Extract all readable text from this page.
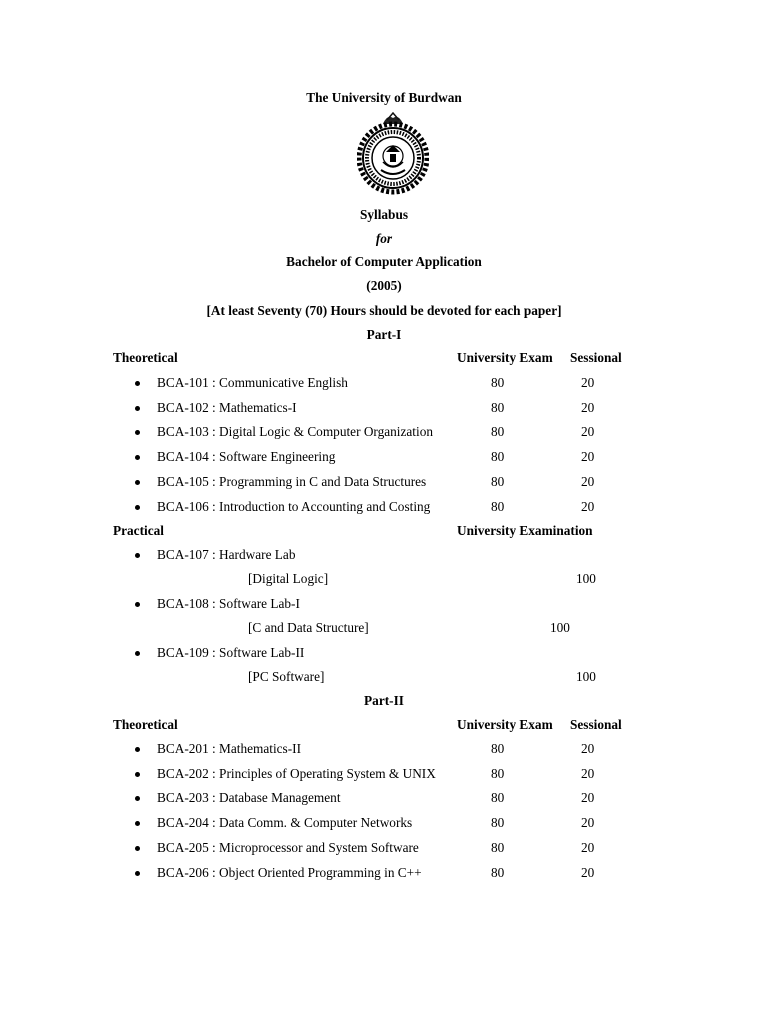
The University of Burdwan
Syllabus
for
Bachelor of Computer Application
(2005)
[At least Seventy (70) Hours should be devoted for each paper]
Part-I
Theoretical	University Exam Sessional
BCA-101 : Communicative English	80	20
BCA-102 : Mathematics-I	80	20
BCA-103 : Digital Logic & Computer Organization	80	20
BCA-104 : Software Engineering	80	20
BCA-105 : Programming in C and Data Structures	80	20
BCA-106 : Introduction to Accounting and Costing	80	20
Practical	University Examination
BCA-107 : Hardware Lab
[Digital Logic]	100
BCA-108 : Software Lab-I
[C and Data Structure]	100
BCA-109 : Software Lab-II
[PC Software]	100
Part-II
Theoretical	University Exam Sessional
BCA-201 : Mathematics-II	80	20
BCA-202 : Principles of Operating System & UNIX	80	20
BCA-203 : Database Management	80	20
BCA-204 : Data Comm. & Computer Networks	80	20
BCA-205 : Microprocessor and System Software	80	20
BCA-206 : Object Oriented Programming in C++	80	20
